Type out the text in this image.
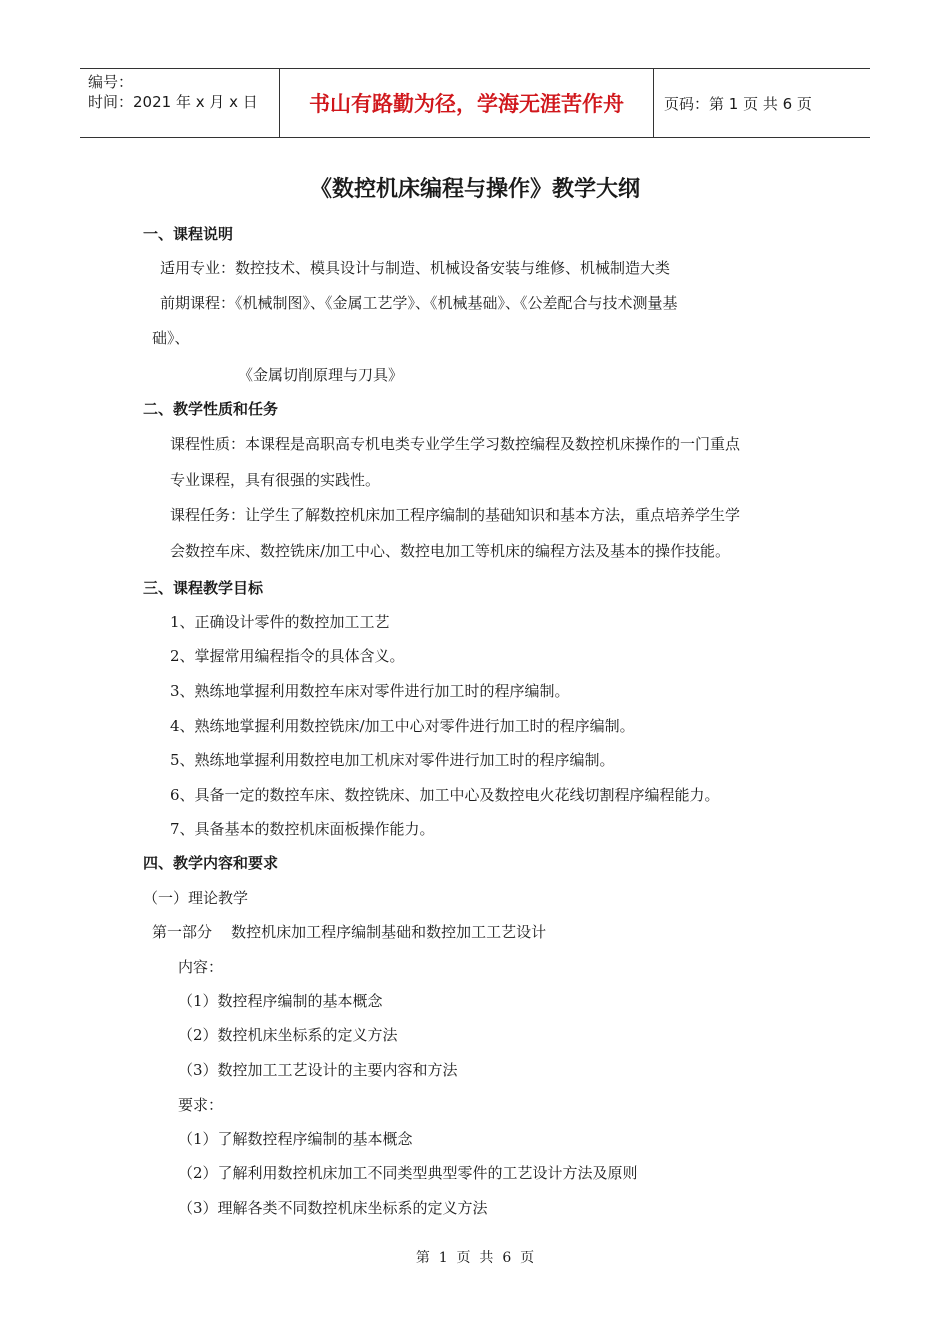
编号：
时间：2021 年 x 月 x 日	书山有路勤为径，学海无涯苦作舟	页码：第 1 页 共 6 页
《数控机床编程与操作》教学大纲
一、课程说明
适用专业：数控技术、模具设计与制造、机械设备安装与维修、机械制造大类
前期课程：《机械制图》、《金属工艺学》、《机械基础》、《公差配合与技术测量基
础》、
《金属切削原理与刀具》
二、教学性质和任务
课程性质：本课程是高职高专机电类专业学生学习数控编程及数控机床操作的一门重点
专业课程，具有很强的实践性。
课程任务：让学生了解数控机床加工程序编制的基础知识和基本方法，重点培养学生学
会数控车床、数控铣床/加工中心、数控电加工等机床的编程方法及基本的操作技能。
三、课程教学目标
1、正确设计零件的数控加工工艺
2、掌握常用编程指令的具体含义。
3、熟练地掌握利用数控车床对零件进行加工时的程序编制。
4、熟练地掌握利用数控铣床/加工中心对零件进行加工时的程序编制。
5、熟练地掌握利用数控电加工机床对零件进行加工时的程序编制。
6、具备一定的数控车床、数控铣床、加工中心及数控电火花线切割程序编程能力。
7、具备基本的数控机床面板操作能力。
四、教学内容和要求
（一）理论教学
第一部分    数控机床加工程序编制基础和数控加工工艺设计
内容：
（1）数控程序编制的基本概念
（2）数控机床坐标系的定义方法
（3）数控加工工艺设计的主要内容和方法
要求：
（1）了解数控程序编制的基本概念
（2）了解利用数控机床加工不同类型典型零件的工艺设计方法及原则
（3）理解各类不同数控机床坐标系的定义方法
第  1  页  共  6  页
